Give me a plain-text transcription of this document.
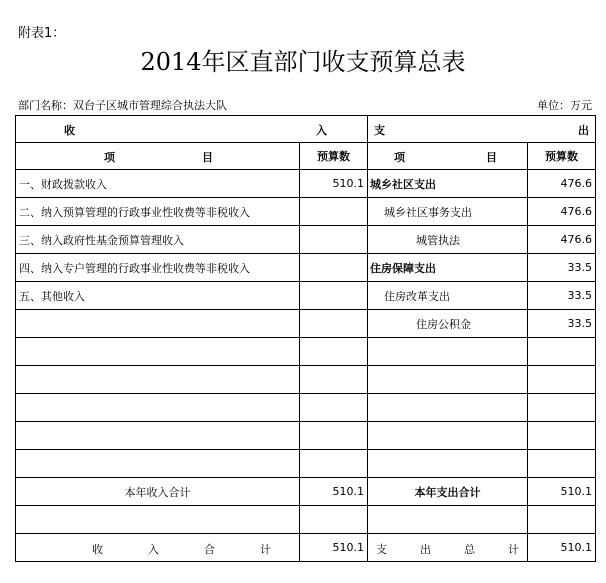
附表1：
2014年区直部门收支预算总表
部门名称：双台子区城市管理综合执法大队	单位：万元
收 入		支 出	

项 目	预算数	项 目	预算数
一、财政拨款收入	510.1	城乡社区支出	476.6
二、纳入预算管理的行政事业性收费等非税收入		城乡社区事务支出	476.6
三、纳入政府性基金预算管理收入		城管执法	476.6
四、纳入专户管理的行政事业性收费等非税收入		住房保障支出	33.5
五、其他收入		住房改革支出	33.5
		住房公积金	33.5

本年收入合计	510.1	本年支出合计	510.1

收 入 合 计	510.1	支 出 总 计	510.1
